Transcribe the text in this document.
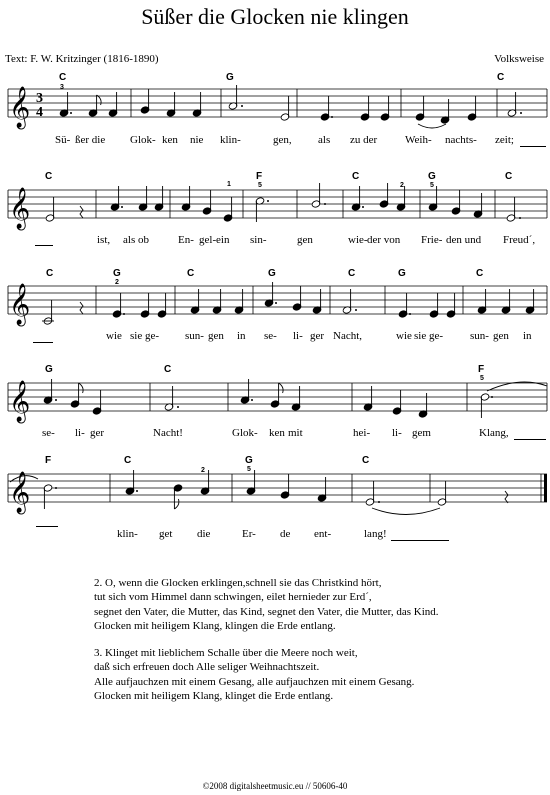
Süßer die Glocken nie klingen
Text: F. W. Kritzinger (1816-1890)	Volksweise
C
3
G	C
𝄞 3
4
Sü- ßer die Glok- ken nie klin-	gen, als zu der	Weih- nachts- zeit;
C	F
5
C	G
5
C
1	2
𝄞
ist, als ob	En- gel- ein sin-	gen	wie- der von Frie- den und Freud´,
C	G
2
C	G	C	G	C
𝄞
wie sie ge- sun- gen in se- li- ger Nacht,	wie sie ge- sun- gen in
G	C	F
5
𝄞
se- li- ger	Nacht!	Glok- ken mit	hei- li- gem	Klang,
F	C	G
5
C
2
𝄞
klin- get die	Er- de ent-	lang!
2. O, wenn die Glocken erklingen,schnell sie das Christkind hört,
tut sich vom Himmel dann schwingen, eilet hernieder zur Erd´,
segnet den Vater, die Mutter, das Kind, segnet den Vater, die Mutter, das Kind.
Glocken mit heiligem Klang, klingen die Erde entlang.
3. Klinget mit lieblichem Schalle über die Meere noch weit,
daß sich erfreuen doch Alle seliger Weihnachtszeit.
Alle aufjauchzen mit einem Gesang, alle aufjauchzen mit einem Gesang.
Glocken mit heiligem Klang, klinget die Erde entlang.
©2008 digitalsheetmusic.eu // 50606-40
